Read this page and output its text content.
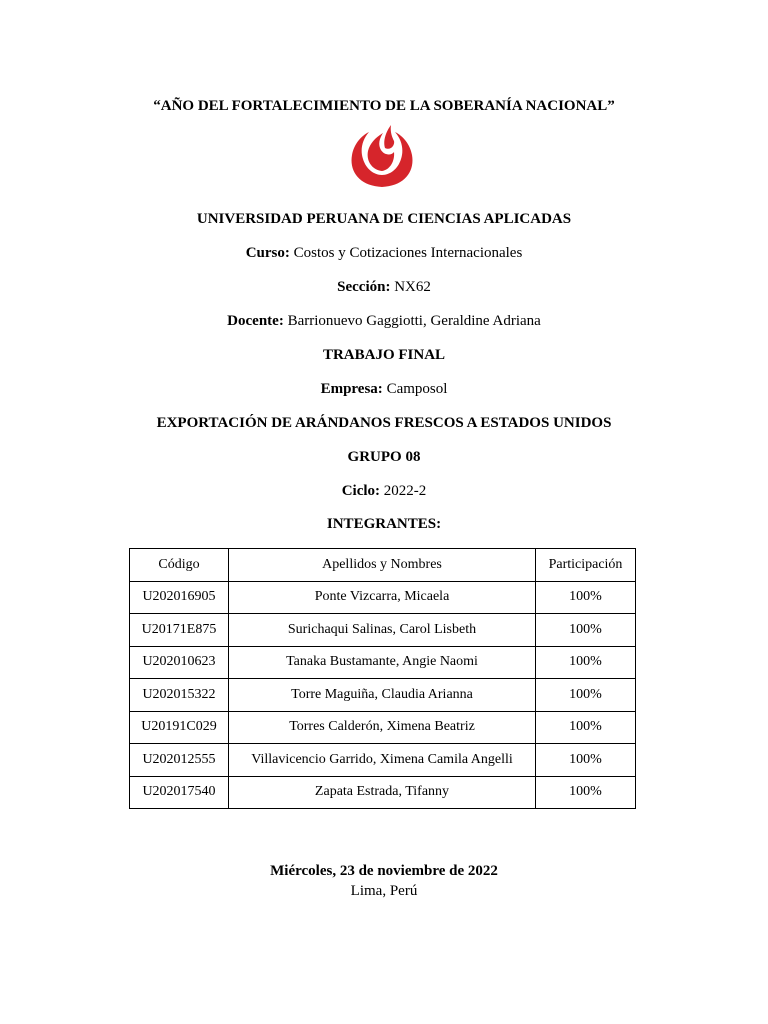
“AÑO DEL FORTALECIMIENTO DE LA SOBERANÍA NACIONAL”
UNIVERSIDAD PERUANA DE CIENCIAS APLICADAS
Curso: Costos y Cotizaciones Internacionales
Sección: NX62
Docente: Barrionuevo Gaggiotti, Geraldine Adriana
TRABAJO FINAL
Empresa: Camposol
EXPORTACIÓN DE ARÁNDANOS FRESCOS A ESTADOS UNIDOS
GRUPO 08
Ciclo: 2022-2
INTEGRANTES:
Código	Apellidos y Nombres	Participación
U202016905	Ponte Vizcarra, Micaela	100%
U20171E875	Surichaqui Salinas, Carol Lisbeth	100%
U202010623	Tanaka Bustamante, Angie Naomi	100%
U202015322	Torre Maguiña, Claudia Arianna	100%
U20191C029	Torres Calderón, Ximena Beatriz	100%
U202012555	Villavicencio Garrido, Ximena Camila Angelli	100%
U202017540	Zapata Estrada, Tifanny	100%
Miércoles, 23 de noviembre de 2022
Lima, Perú
